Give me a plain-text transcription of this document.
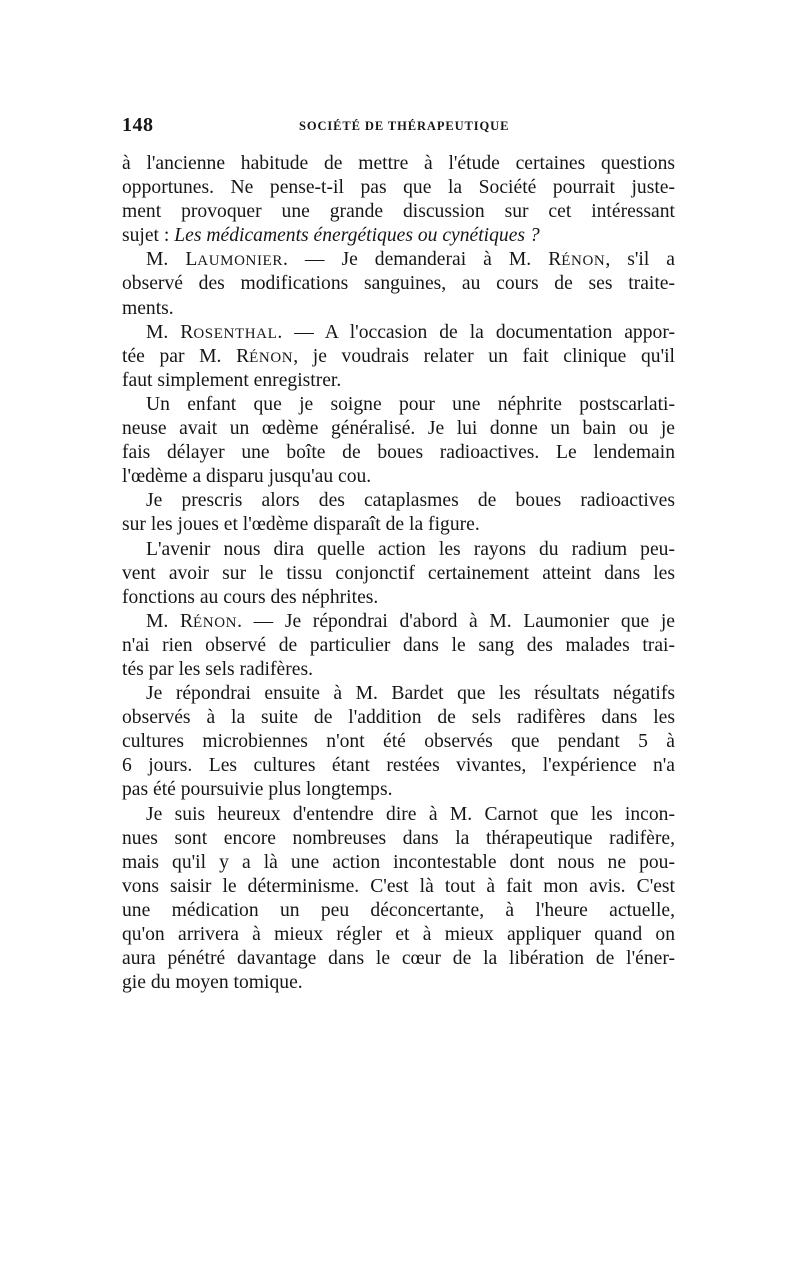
148	SOCIÉTÉ DE THÉRAPEUTIQUE
à l'ancienne habitude de mettre à l'étude certaines questions
opportunes. Ne pense-t-il pas que la Société pourrait juste-
ment provoquer une grande discussion sur cet intéressant
sujet : Les médicaments énergétiques ou cynétiques ?
M. LAUMONIER. — Je demanderai à M. RÉNON, s'il a
observé des modifications sanguines, au cours de ses traite-
ments.
M. ROSENTHAL. — A l'occasion de la documentation appor-
tée par M. RÉNON, je voudrais relater un fait clinique qu'il
faut simplement enregistrer.
Un enfant que je soigne pour une néphrite postscarlati-
neuse avait un œdème généralisé. Je lui donne un bain ou je
fais délayer une boîte de boues radioactives. Le lendemain
l'œdème a disparu jusqu'au cou.
Je prescris alors des cataplasmes de boues radioactives
sur les joues et l'œdème disparaît de la figure.
L'avenir nous dira quelle action les rayons du radium peu-
vent avoir sur le tissu conjonctif certainement atteint dans les
fonctions au cours des néphrites.
M. RÉNON. — Je répondrai d'abord à M. Laumonier que je
n'ai rien observé de particulier dans le sang des malades trai-
tés par les sels radifères.
Je répondrai ensuite à M. Bardet que les résultats négatifs
observés à la suite de l'addition de sels radifères dans les
cultures microbiennes n'ont été observés que pendant 5 à
6 jours. Les cultures étant restées vivantes, l'expérience n'a
pas été poursuivie plus longtemps.
Je suis heureux d'entendre dire à M. Carnot que les incon-
nues sont encore nombreuses dans la thérapeutique radifère,
mais qu'il y a là une action incontestable dont nous ne pou-
vons saisir le déterminisme. C'est là tout à fait mon avis. C'est
une médication un peu déconcertante, à l'heure actuelle,
qu'on arrivera à mieux régler et à mieux appliquer quand on
aura pénétré davantage dans le cœur de la libération de l'éner-
gie du moyen tomique.
